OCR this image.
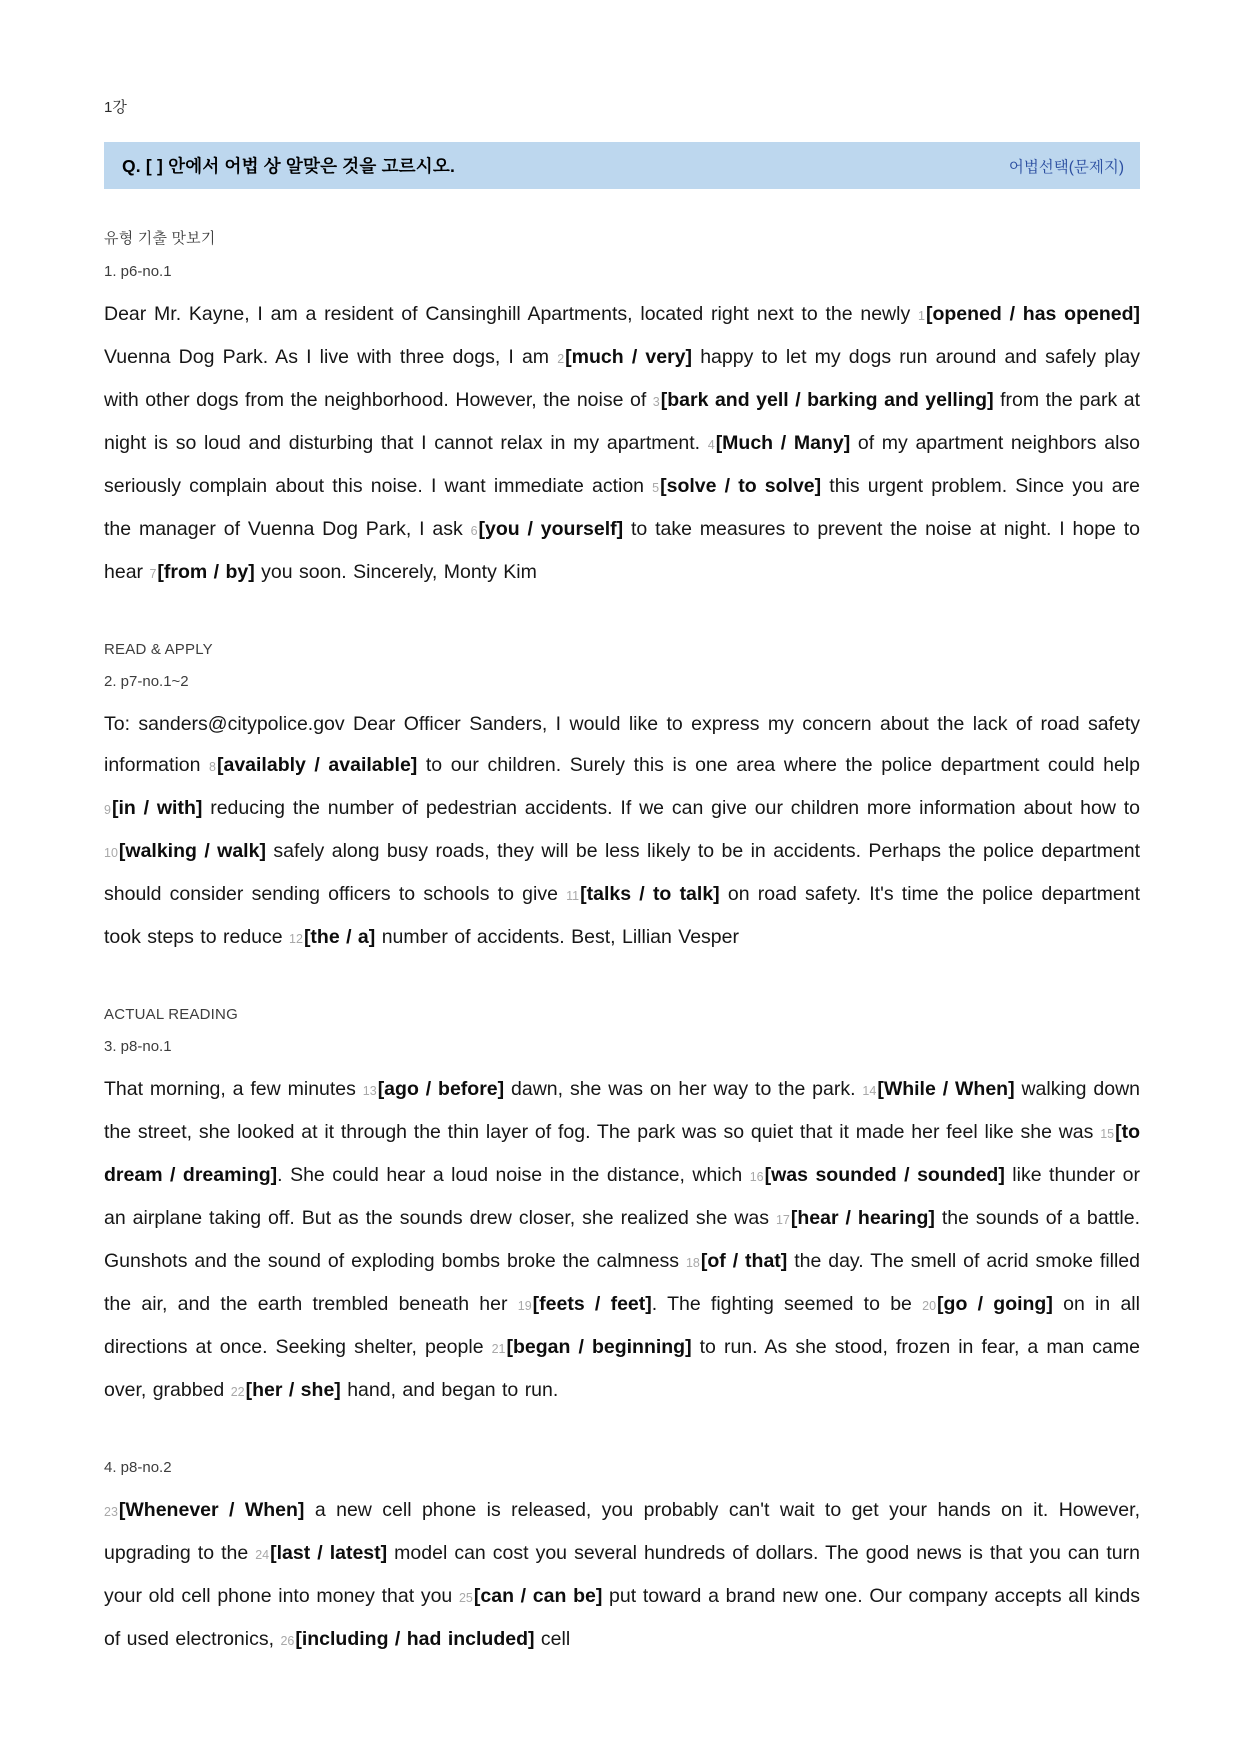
1강
Q. [ ] 안에서 어법 상 알맞은 것을 고르시오.	어법선택(문제지)
유형 기출 맛보기
1. p6-no.1

Dear Mr. Kayne, I am a resident of Cansinghill Apartments, located right next to the newly 1[opened / has opened] Vuenna Dog Park. As I live with three dogs, I am 2[much / very] happy to let my dogs run around and safely play with other dogs from the neighborhood. However, the noise of 3[bark and yell / barking and yelling] from the park at night is so loud and disturbing that I cannot relax in my apartment. 4[Much / Many] of my apartment neighbors also seriously complain about this noise. I want immediate action 5[solve / to solve] this urgent problem. Since you are the manager of Vuenna Dog Park, I ask 6[you / yourself] to take measures to prevent the noise at night. I hope to hear 7[from / by] you soon. Sincerely, Monty Kim

READ & APPLY
2. p7-no.1~2

To: sanders@citypolice.gov Dear Officer Sanders, I would like to express my concern about the lack of road safety information 8[availably / available] to our children. Surely this is one area where the police department could help 9[in / with] reducing the number of pedestrian accidents. If we can give our children more information about how to 10[walking / walk] safely along busy roads, they will be less likely to be in accidents. Perhaps the police department should consider sending officers to schools to give 11[talks / to talk] on road safety. It's time the police department took steps to reduce 12[the / a] number of accidents. Best, Lillian Vesper

ACTUAL READING
3. p8-no.1

That morning, a few minutes 13[ago / before] dawn, she was on her way to the park. 14[While / When] walking down the street, she looked at it through the thin layer of fog. The park was so quiet that it made her feel like she was 15[to dream / dreaming]. She could hear a loud noise in the distance, which 16[was sounded / sounded] like thunder or an airplane taking off. But as the sounds drew closer, she realized she was 17[hear / hearing] the sounds of a battle. Gunshots and the sound of exploding bombs broke the calmness 18[of / that] the day. The smell of acrid smoke filled the air, and the earth trembled beneath her 19[feets / feet]. The fighting seemed to be 20[go / going] on in all directions at once. Seeking shelter, people 21[began / beginning] to run. As she stood, frozen in fear, a man came over, grabbed 22[her / she] hand, and began to run.

4. p8-no.2

23[Whenever / When] a new cell phone is released, you probably can't wait to get your hands on it. However, upgrading to the 24[last / latest] model can cost you several hundreds of dollars. The good news is that you can turn your old cell phone into money that you 25[can / can be] put toward a brand new one. Our company accepts all kinds of used electronics, 26[including / had included] cell
